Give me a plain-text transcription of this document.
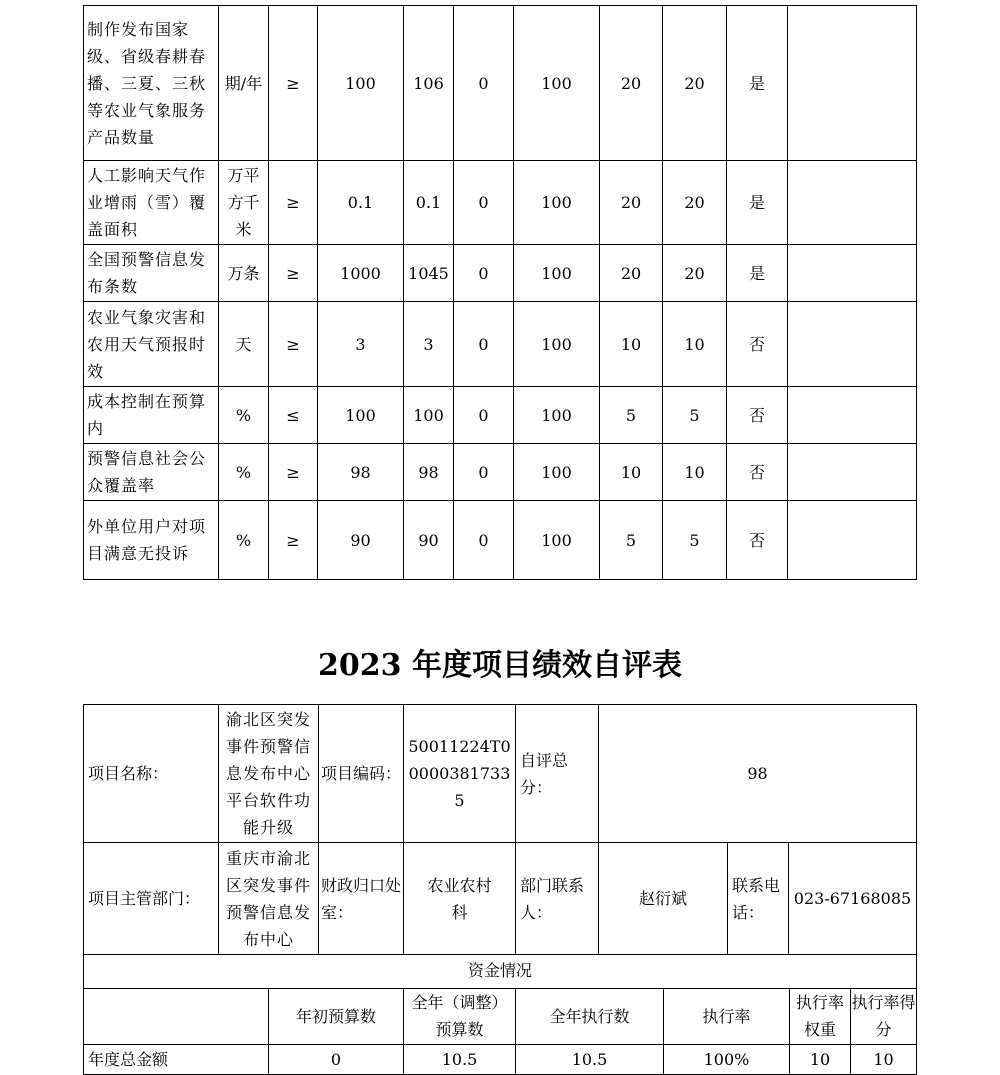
制作发布国家级、省级春耕春播、三夏、三秋等农业气象服务产品数量	期/年	≥	100	106	0	100	20	20	是	
人工影响天气作业增雨（雪）覆盖面积	万平方千米	≥	0.1	0.1	0	100	20	20	是	
全国预警信息发布条数	万条	≥	1000	1045	0	100	20	20	是	
农业气象灾害和农用天气预报时效	天	≥	3	3	0	100	10	10	否	
成本控制在预算内	%	≤	100	100	0	100	5	5	否	
预警信息社会公众覆盖率	%	≥	98	98	0	100	10	10	否	
外单位用户对项目满意无投诉	%	≥	90	90	0	100	5	5	否	
2023 年度项目绩效自评表
项目名称：	渝北区突发事件预警信息发布中心平台软件功能升级	项目编码：	50011224T000003817335	自评总分：	98
项目主管部门：	重庆市渝北区突发事件预警信息发布中心	财政归口处室：	农业农村科	部门联系人：	赵衍斌	联系电话：	023-67168085
资金情况						
	年初预算数	全年（调整）预算数	全年执行数	执行率	执行率权重	执行率得分
年度总金额	0	10.5	10.5	100%	10	10
